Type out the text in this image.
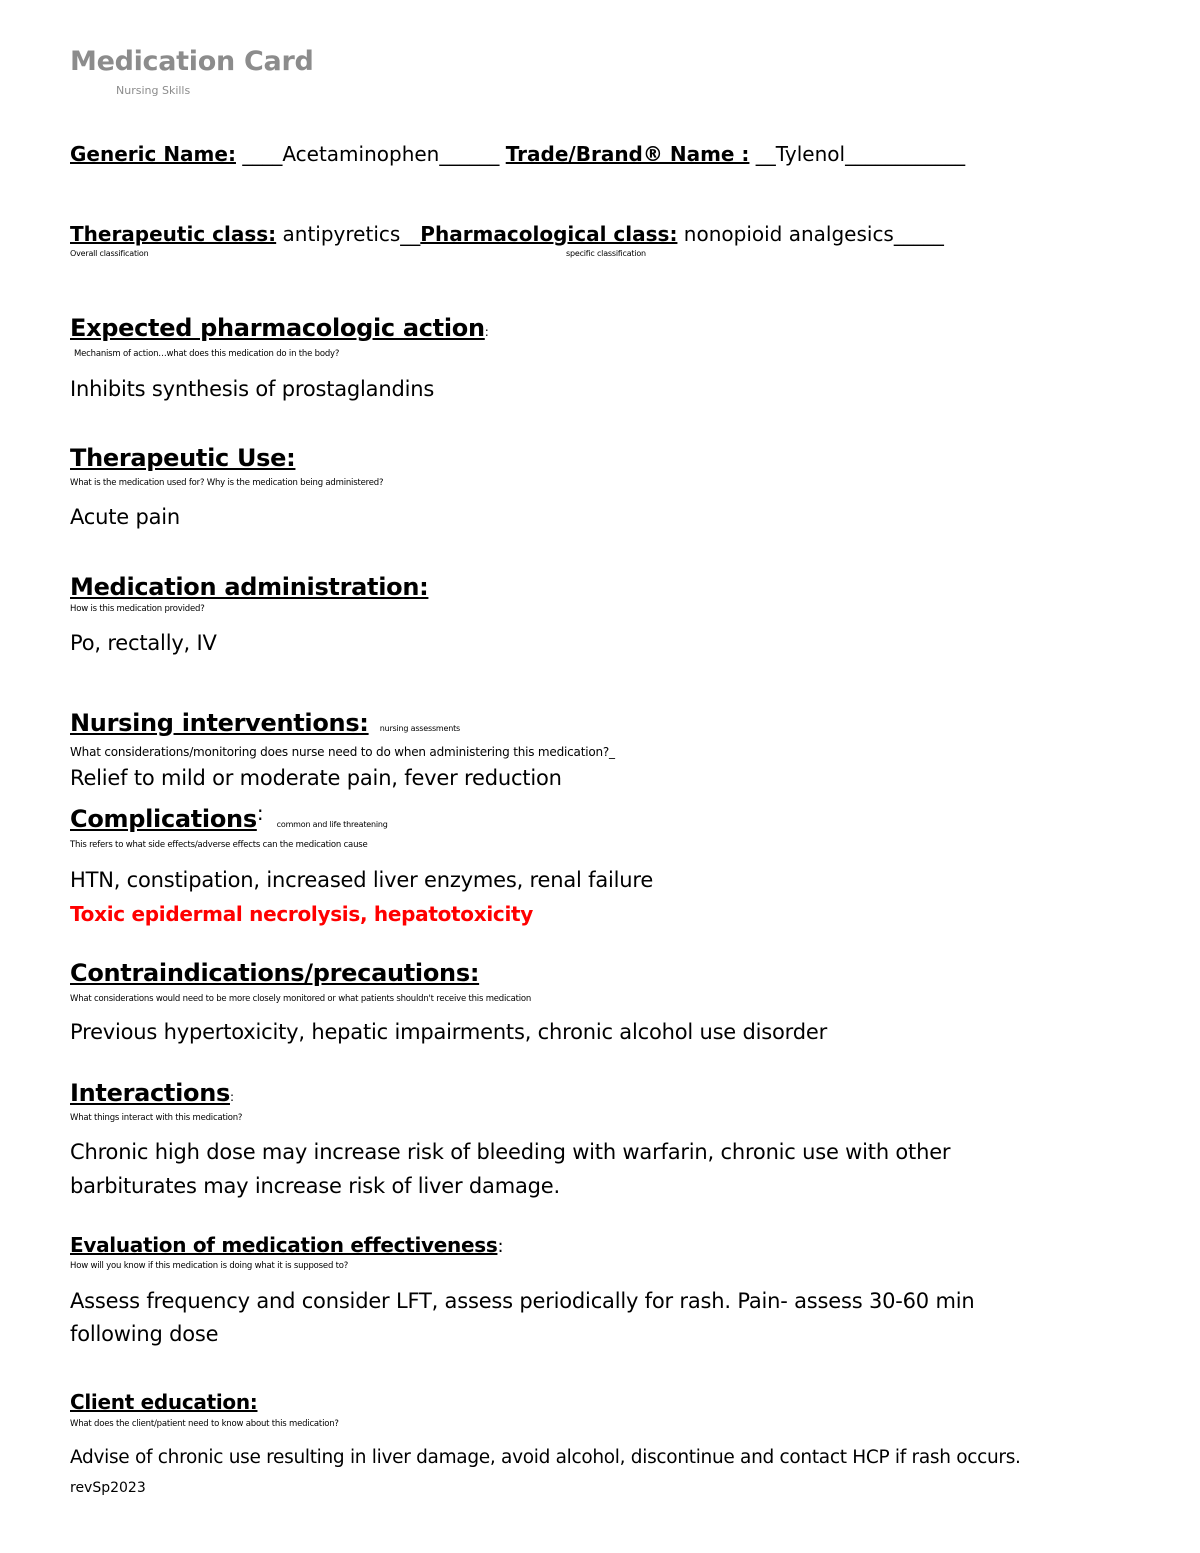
Medication Card
Nursing Skills
Generic Name: ____Acetaminophen______ Trade/Brand® Name : __Tylenol____________
Therapeutic class: antipyretics__Pharmacological class: nonopioid analgesics_____
Overall classification	specific classification
Expected pharmacologic action:
Mechanism of action…what does this medication do in the body?
Inhibits synthesis of prostaglandins
Therapeutic Use:
What is the medication used for? Why is the medication being administered?
Acute pain
Medication administration:
How is this medication provided?
Po, rectally, IV
Nursing interventions: nursing assessments
What considerations/monitoring does nurse need to do when administering this medication?_
Relief to mild or moderate pain, fever reduction
Complications: common and life threatening
This refers to what side effects/adverse effects can the medication cause
HTN, constipation, increased liver enzymes, renal failure
Toxic epidermal necrolysis, hepatotoxicity
Contraindications/precautions:
What considerations would need to be more closely monitored or what patients shouldn't receive this medication
Previous hypertoxicity, hepatic impairments, chronic alcohol use disorder
Interactions:
What things interact with this medication?
Chronic high dose may increase risk of bleeding with warfarin, chronic use with other
barbiturates may increase risk of liver damage.
Evaluation of medication effectiveness:
How will you know if this medication is doing what it is supposed to?
Assess frequency and consider LFT, assess periodically for rash. Pain- assess 30-60 min
following dose
Client education:
What does the client/patient need to know about this medication?
Advise of chronic use resulting in liver damage, avoid alcohol, discontinue and contact HCP if rash occurs.
revSp2023
